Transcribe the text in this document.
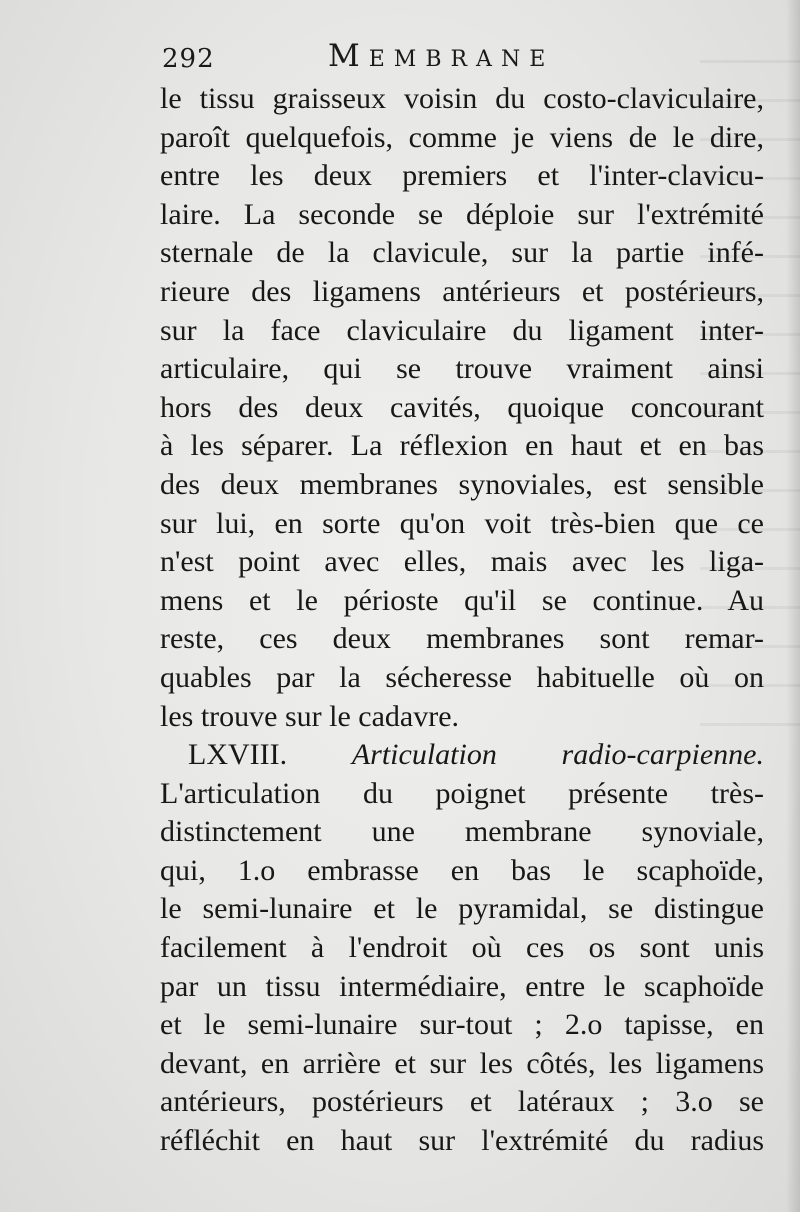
292	Membrane
le tissu graisseux voisin du costo-claviculaire,
paroît quelquefois, comme je viens de le dire,
entre les deux premiers et l'inter-clavicu-
laire. La seconde se déploie sur l'extrémité
sternale de la clavicule, sur la partie infé-
rieure des ligamens antérieurs et postérieurs,
sur la face claviculaire du ligament inter-
articulaire, qui se trouve vraiment ainsi
hors des deux cavités, quoique concourant
à les séparer. La réflexion en haut et en bas
des deux membranes synoviales, est sensible
sur lui, en sorte qu'on voit très-bien que ce
n'est point avec elles, mais avec les liga-
mens et le périoste qu'il se continue. Au
reste, ces deux membranes sont remar-
quables par la sécheresse habituelle où on
les trouve sur le cadavre.
LXVIII. Articulation radio-carpienne.
L'articulation du poignet présente très-
distinctement une membrane synoviale,
qui, 1.o embrasse en bas le scaphoïde,
le semi-lunaire et le pyramidal, se distingue
facilement à l'endroit où ces os sont unis
par un tissu intermédiaire, entre le scaphoïde
et le semi-lunaire sur-tout ; 2.o tapisse, en
devant, en arrière et sur les côtés, les ligamens
antérieurs, postérieurs et latéraux ; 3.o se
réfléchit en haut sur l'extrémité du radius
